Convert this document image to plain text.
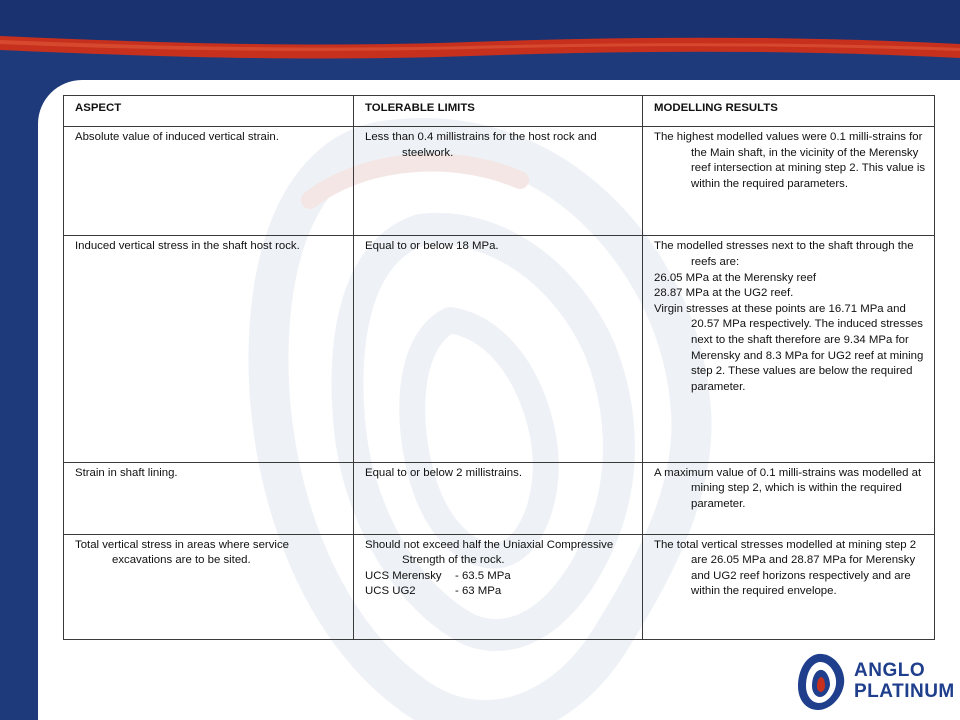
ASPECT	TOLERABLE LIMITS	MODELLING RESULTS

Absolute value of induced vertical strain.	Less than 0.4 millistrains for the host rock and steelwork.	The highest modelled values were 0.1 milli-strains for the Main shaft, in the vicinity of the Merensky reef intersection at mining step 2. This value is within the required parameters.

Induced vertical stress in the shaft host rock.	Equal to or below 18 MPa.	The modelled stresses next to the shaft through the reefs are:
26.05 MPa at the Merensky reef
28.87 MPa at the UG2 reef.
Virgin stresses at these points are 16.71 MPa and 20.57 MPa respectively. The induced stresses next to the shaft therefore are 9.34 MPa for Merensky and 8.3 MPa for UG2 reef at mining step 2. These values are below the required parameter.

Strain in shaft lining.	Equal to or below 2 millistrains.	A maximum value of 0.1 milli-strains was modelled at mining step 2, which is within the required parameter.

Total vertical stress in areas where service excavations are to be sited.	Should not exceed half the Uniaxial Compressive Strength of the rock.
UCS Merensky - 63.5 MPa
UCS UG2 - 63 MPa	The total vertical stresses modelled at mining step 2 are 26.05 MPa and 28.87 MPa for Merensky and UG2 reef horizons respectively and are within the required envelope.
ANGLO
PLATINUM
